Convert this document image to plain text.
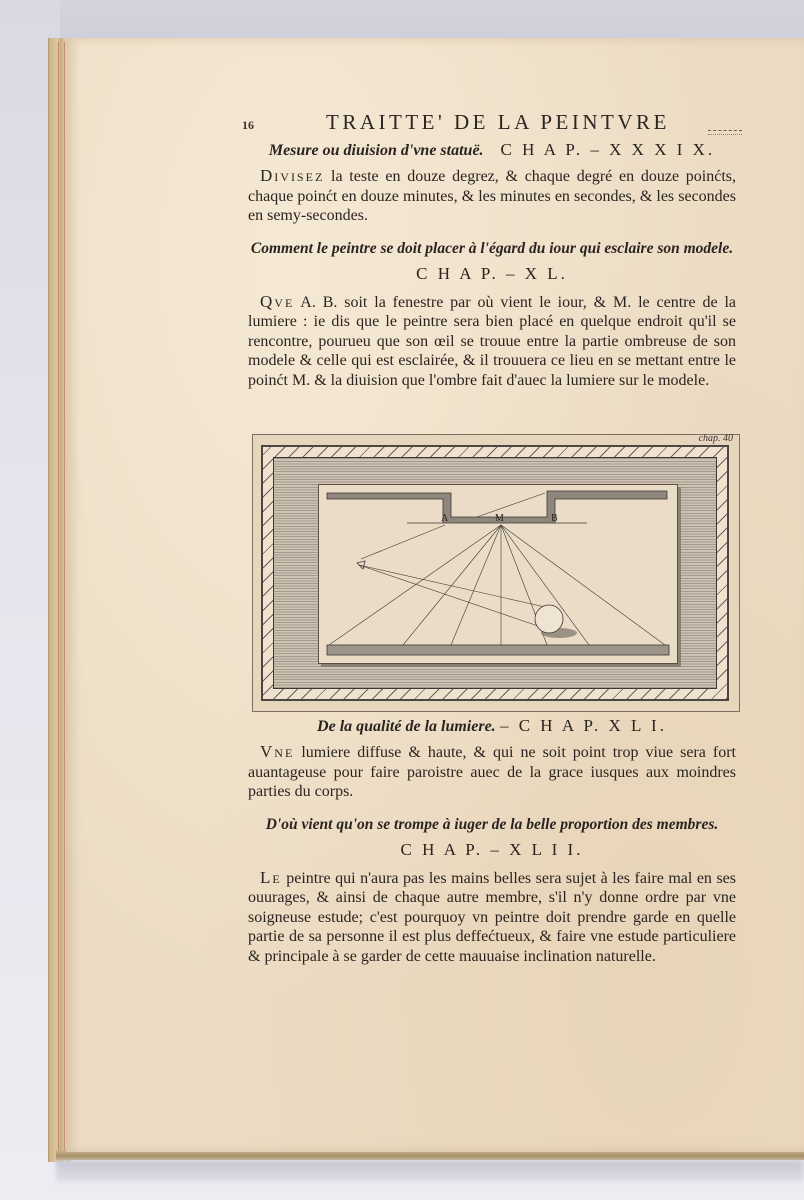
16	TRAITTE' DE LA PEINTVRE
Mesure ou diuision d'vne statuë. C H A P. – X X X I X.

Divisez la teste en douze degrez, & chaque degré en douze poinćts, chaque poinćt en douze minutes, & les minutes en secondes, & les secondes en semy-secondes.

Comment le peintre se doit placer à l'égard du iour qui esclaire son modele.
C H A P. – X L.

Qve A. B. soit la fenestre par où vient le iour, & M. le centre de la lumiere : ie dis que le peintre sera bien placé en quelque endroit qu'il se rencontre, pourueu que son œil se trouue entre la partie ombreuse de son modele & celle qui est esclairée, & il trouuera ce lieu en se mettant entre le poinćt M. & la diuision que l'ombre fait d'auec la lumiere sur le modele.

chap. 40
A	M	B
De la qualité de la lumiere. – C H A P. X L I.

Vne lumiere diffuse & haute, & qui ne soit point trop viue sera fort auantageuse pour faire paroistre auec de la grace iusques aux moindres parties du corps.

D'où vient qu'on se trompe à iuger de la belle proportion des membres.
C H A P. – X L I I.

Le peintre qui n'aura pas les mains belles sera sujet à les faire mal en ses ouurages, & ainsi de chaque autre membre, s'il n'y donne ordre par vne soigneuse estude; c'est pourquoy vn peintre doit prendre garde en quelle partie de sa personne il est plus deffećtueux, & faire vne estude particuliere & principale à se garder de cette mauuaise inclination naturelle.
